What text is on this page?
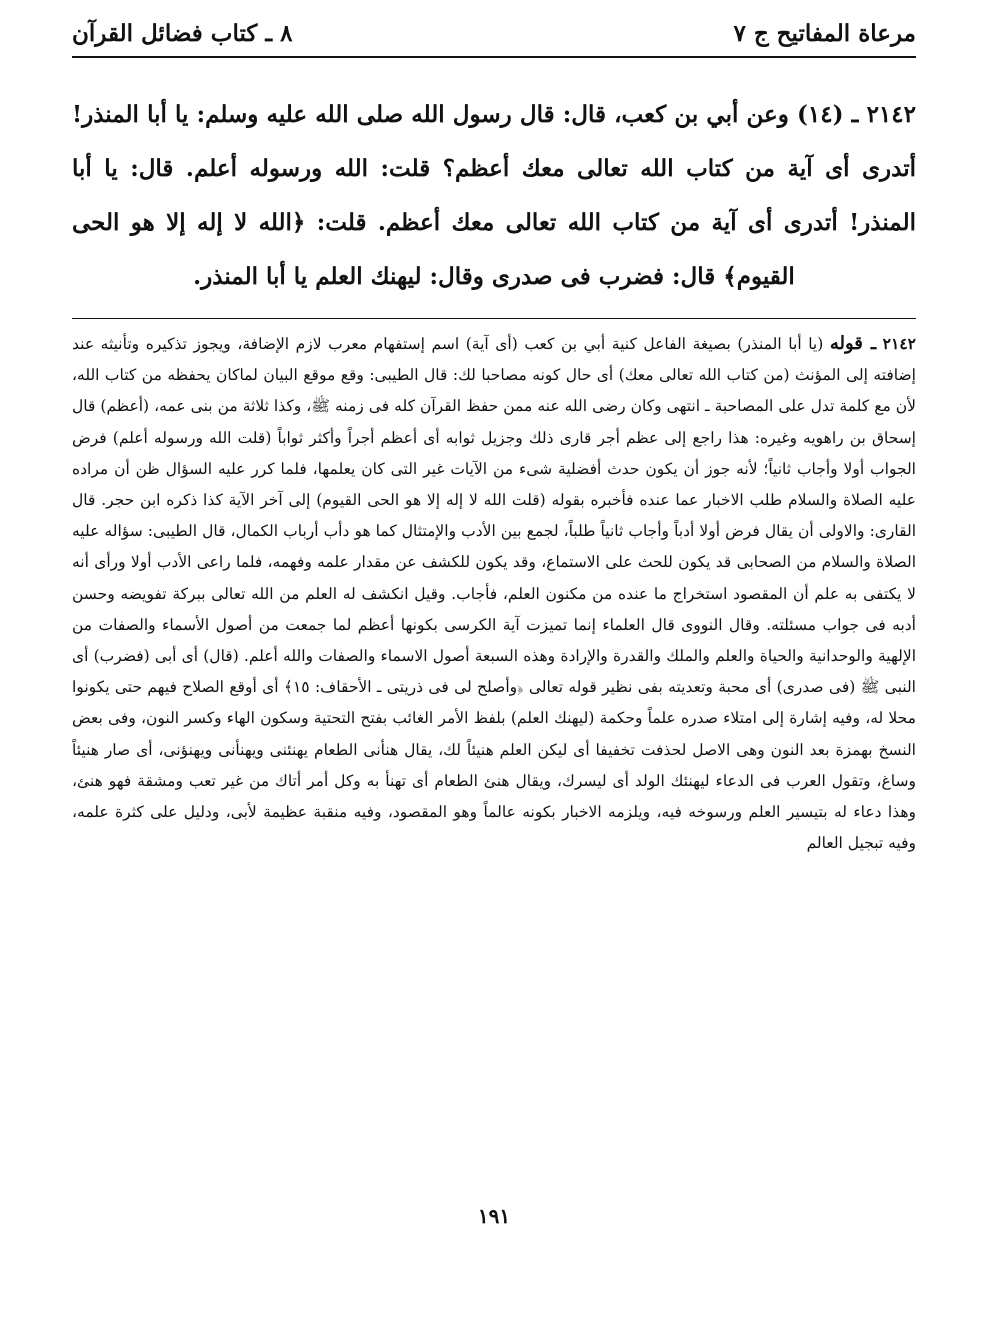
مرعاة المفاتيح ج ٧
٨ ـ كتاب فضائل القرآن
٢١٤٢ ـ (١٤) وعن أبي بن كعب، قال: قال رسول الله صلى الله عليه وسلم: يا أبا المنذر! أتدرى أى آية من كتاب الله تعالى معك أعظم؟ قلت: الله ورسوله أعلم. قال: يا أبا المنذر! أتدرى أى آية من كتاب الله تعالى معك أعظم. قلت: ﴿الله لا إله إلا هو الحى القيوم﴾ قال: فضرب فى صدرى وقال: ليهنك العلم يا أبا المنذر.
٢١٤٢ ـ قوله (يا أبا المنذر) بصيغة الفاعل كنية أبي بن كعب (أى آية) اسم إستفهام معرب لازم الإضافة، ويجوز تذكيره وتأنيثه عند إضافته إلى المؤنث (من كتاب الله تعالى معك) أى حال كونه مصاحبا لك: قال الطيبى: وقع موقع البيان لماكان يحفظه من كتاب الله، لأن مع كلمة تدل على المصاحبة ـ انتهى وكان رضى الله عنه ممن حفظ القرآن كله فى زمنه ﷺ، وكذا ثلاثة من بنى عمه، (أعظم) قال إسحاق بن راهويه وغيره: هذا راجع إلى عظم أجر قارى ذلك وجزيل ثوابه أى أعظم أجراً وأكثر ثواباً (قلت الله ورسوله أعلم) فرض الجواب أولا وأجاب ثانياً؛ لأنه جوز أن يكون حدث أفضلية شىء من الآيات غير التى كان يعلمها، فلما كرر عليه السؤال ظن أن مراده عليه الصلاة والسلام طلب الاخبار عما عنده فأخبره بقوله (قلت الله لا إله إلا هو الحى القيوم) إلى آخر الآية كذا ذكره ابن حجر. قال القارى: والاولى أن يقال فرض أولا أدباً وأجاب ثانياً طلباً، لجمع بين الأدب والإمتثال كما هو دأب أرباب الكمال، قال الطيبى: سؤاله عليه الصلاة والسلام من الصحابى قد يكون للحث على الاستماع، وقد يكون للكشف عن مقدار علمه وفهمه، فلما راعى الأدب أولا ورأى أنه لا يكتفى به علم أن المقصود استخراج ما عنده من مكنون العلم، فأجاب. وقيل انكشف له العلم من الله تعالى ببركة تفويضه وحسن أدبه فى جواب مسئلته. وقال النووى قال العلماء إنما تميزت آية الكرسى بكونها أعظم لما جمعت من أصول الأسماء والصفات من الإلهية والوحدانية والحياة والعلم والملك والقدرة والإرادة وهذه السبعة أصول الاسماء والصفات والله أعلم. (قال) أى أبى (فضرب) أى النبى ﷺ (فى صدرى) أى محبة وتعديته بفى نظير قوله تعالى ﴿وأصلح لى فى ذريتى ـ الأحقاف: ١٥﴾ أى أوقع الصلاح فيهم حتى يكونوا محلا له، وفيه إشارة إلى امتلاء صدره علماً وحكمة (ليهنك العلم) بلفظ الأمر الغائب بفتح التحتية وسكون الهاء وكسر النون، وفى بعض النسخ بهمزة بعد النون وهى الاصل لحذفت تخفيفا أى ليكن العلم هنيئاً لك، يقال هنأنى الطعام يهنئنى ويهنأنى ويهنؤنى، أى صار هنيئاً وساغ، وتقول العرب فى الدعاء ليهنئك الولد أى ليسرك، ويقال هنئ الطعام أى تهنأ به وكل أمر أتاك من غير تعب ومشقة فهو هنئ، وهذا دعاء له بتيسير العلم ورسوخه فيه، ويلزمه الاخبار بكونه عالماً وهو المقصود، وفيه منقبة عظيمة لأبى، ودليل على كثرة علمه، وفيه تبجيل العالم
١٩١
